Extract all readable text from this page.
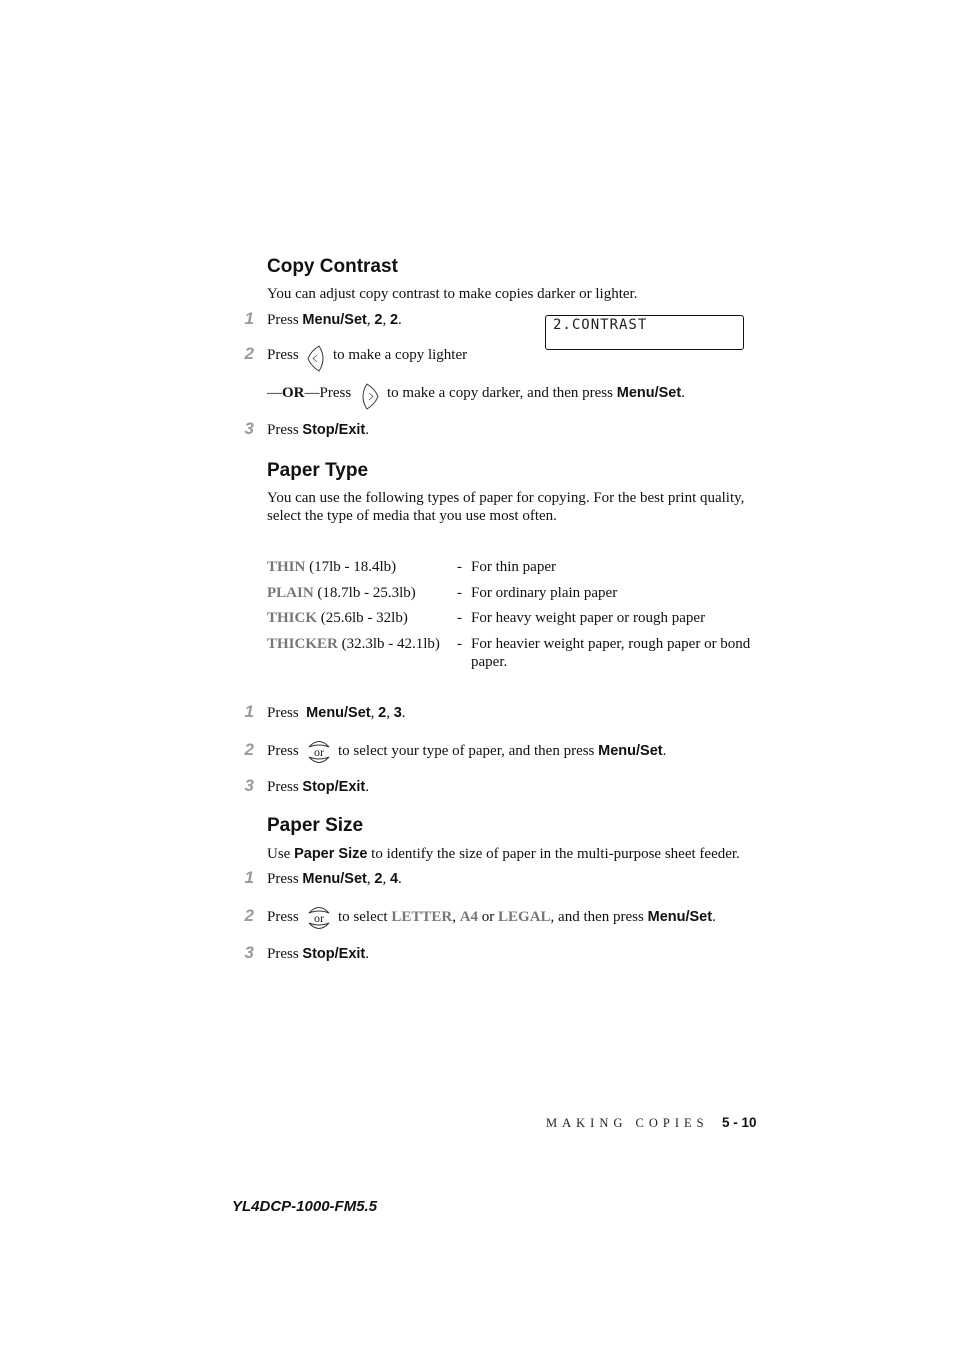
Copy Contrast
You can adjust copy contrast to make copies darker or lighter.
1 Press Menu/Set, 2, 2.	2.CONTRAST
2 Press to make a copy lighter
—OR—Press to make a copy darker, and then press Menu/Set.
3 Press Stop/Exit.
Paper Type
You can use the following types of paper for copying. For the best print quality, select the type of media that you use most often.
THIN (17lb - 18.4lb)	- For thin paper
PLAIN (18.7lb - 25.3lb)	- For ordinary plain paper
THICK (25.6lb - 32lb)	- For heavy weight paper or rough paper
THICKER (32.3lb - 42.1lb) - For heavier weight paper, rough paper or bond paper.
1 Press  Menu/Set, 2, 3.
2 Press or to select your type of paper, and then press Menu/Set.
3 Press Stop/Exit.
Paper Size
Use Paper Size to identify the size of paper in the multi-purpose sheet feeder.
1 Press Menu/Set, 2, 4.
2 Press or to select LETTER, A4 or LEGAL, and then press Menu/Set.
3 Press Stop/Exit.
MAKING COPIES 5 - 10
YL4DCP-1000-FM5.5
